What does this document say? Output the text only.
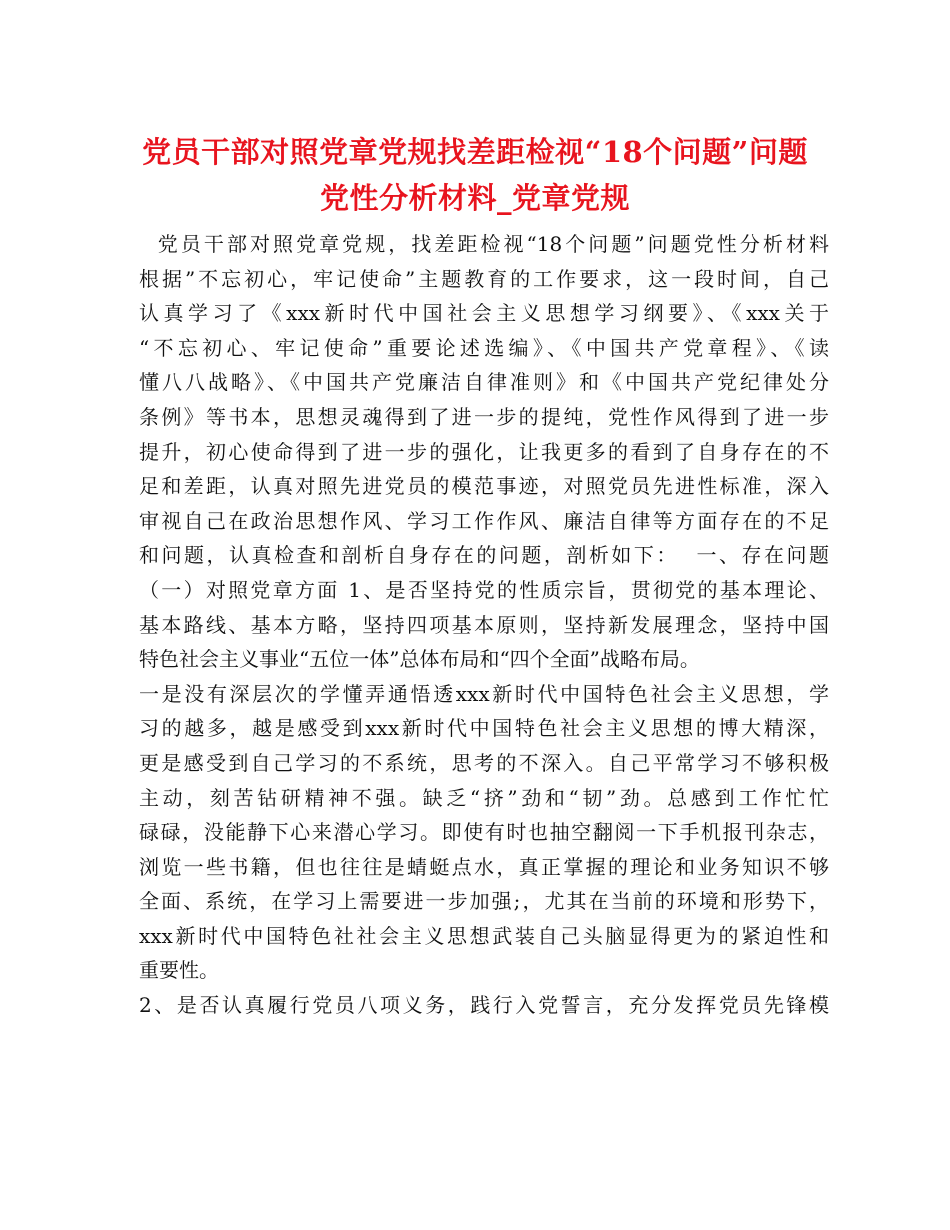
党员干部对照党章党规找差距检视“18个问题”问题
党性分析材料_党章党规
党员干部对照党章党规，找差距检视“18个问题”问题党性分析材料
根据”不忘初心，牢记使命”主题教育的工作要求，这一段时间，自己
认真学习了《xxx新时代中国社会主义思想学习纲要》、《xxx关于
“不忘初心、牢记使命”重要论述选编》、《中国共产党章程》、《读
懂八八战略》、《中国共产党廉洁自律准则》和《中国共产党纪律处分
条例》等书本，思想灵魂得到了进一步的提纯，党性作风得到了进一步
提升，初心使命得到了进一步的强化，让我更多的看到了自身存在的不
足和差距，认真对照先进党员的模范事迹，对照党员先进性标准，深入
审视自己在政治思想作风、学习工作作风、廉洁自律等方面存在的不足
和问题，认真检查和剖析自身存在的问题，剖析如下：  一、存在问题
（一）对照党章方面 1、是否坚持党的性质宗旨，贯彻党的基本理论、
基本路线、基本方略，坚持四项基本原则，坚持新发展理念，坚持中国
特色社会主义事业“五位一体”总体布局和“四个全面”战略布局。
一是没有深层次的学懂弄通悟透xxx新时代中国特色社会主义思想，学
习的越多，越是感受到xxx新时代中国特色社会主义思想的博大精深，
更是感受到自己学习的不系统，思考的不深入。自己平常学习不够积极
主动，刻苦钻研精神不强。缺乏“挤”劲和“韧”劲。总感到工作忙忙
碌碌，没能静下心来潜心学习。即使有时也抽空翻阅一下手机报刊杂志，
浏览一些书籍，但也往往是蜻蜓点水，真正掌握的理论和业务知识不够
全面、系统，在学习上需要进一步加强;，尤其在当前的环境和形势下，
xxx新时代中国特色社社会主义思想武装自己头脑显得更为的紧迫性和
重要性。
2、是否认真履行党员八项义务，践行入党誓言，充分发挥党员先锋模
